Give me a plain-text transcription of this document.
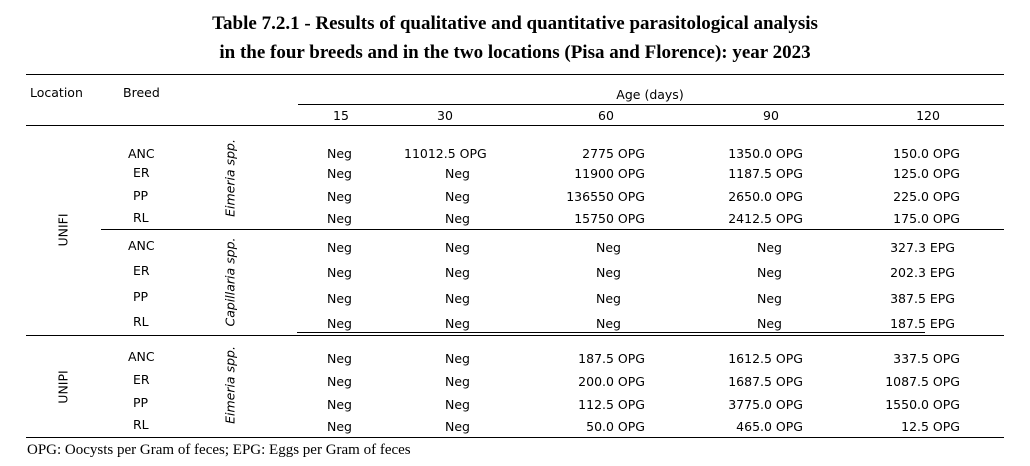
Table 7.2.1 - Results of qualitative and quantitative parasitological analysis
in the four breeds and in the two locations (Pisa and Florence): year 2023
Location	Breed	Age (days)
15	30	60	90	120
UNIFI
Eimeria spp.
ANC	Neg	11012.5 OPG	2775 OPG	1350.0 OPG	150.0 OPG
ER	Neg	Neg	11900 OPG	1187.5 OPG	125.0 OPG
PP	Neg	Neg	136550 OPG	2650.0 OPG	225.0 OPG
RL	Neg	Neg	15750 OPG	2412.5 OPG	175.0 OPG
Capillaria spp.
ANC	Neg	Neg	Neg	Neg	327.3 EPG
ER	Neg	Neg	Neg	Neg	202.3 EPG
PP	Neg	Neg	Neg	Neg	387.5 EPG
RL	Neg	Neg	Neg	Neg	187.5 EPG
UNIPI	Eimeria spp.
ANC	Neg	Neg	187.5 OPG	1612.5 OPG	337.5 OPG
ER	Neg	Neg	200.0 OPG	1687.5 OPG	1087.5 OPG
PP	Neg	Neg	112.5 OPG	3775.0 OPG	1550.0 OPG
RL	Neg	Neg	50.0 OPG	465.0 OPG	12.5 OPG
OPG: Oocysts per Gram of feces; EPG: Eggs per Gram of feces
